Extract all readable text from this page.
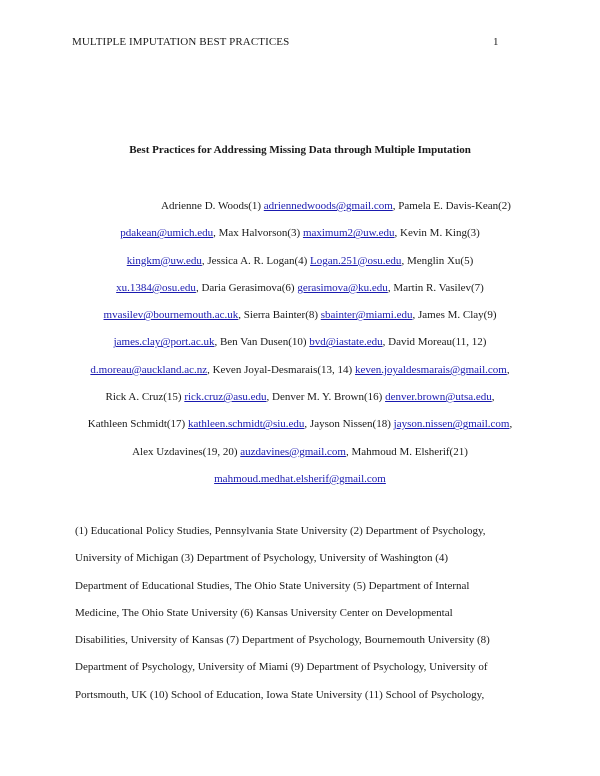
MULTIPLE IMPUTATION BEST PRACTICES	1
Best Practices for Addressing Missing Data through Multiple Imputation
Adrienne D. Woods(1) adriennedwoods@gmail.com, Pamela E. Davis-Kean(2)
pdakean@umich.edu, Max Halvorson(3) maximum2@uw.edu, Kevin M. King(3)
kingkm@uw.edu, Jessica A. R. Logan(4) Logan.251@osu.edu, Menglin Xu(5)
xu.1384@osu.edu, Daria Gerasimova(6) gerasimova@ku.edu, Martin R. Vasilev(7)
mvasilev@bournemouth.ac.uk, Sierra Bainter(8) sbainter@miami.edu, James M. Clay(9)
james.clay@port.ac.uk, Ben Van Dusen(10) bvd@iastate.edu, David Moreau(11, 12)
d.moreau@auckland.ac.nz, Keven Joyal-Desmarais(13, 14) keven.joyaldesmarais@gmail.com,
Rick A. Cruz(15) rick.cruz@asu.edu, Denver M. Y. Brown(16) denver.brown@utsa.edu,
Kathleen Schmidt(17) kathleen.schmidt@siu.edu, Jayson Nissen(18) jayson.nissen@gmail.com,
Alex Uzdavines(19, 20) auzdavines@gmail.com, Mahmoud M. Elsherif(21)
mahmoud.medhat.elsherif@gmail.com
(1) Educational Policy Studies, Pennsylvania State University (2) Department of Psychology,
University of Michigan (3) Department of Psychology, University of Washington (4)
Department of Educational Studies, The Ohio State University (5) Department of Internal
Medicine, The Ohio State University (6) Kansas University Center on Developmental
Disabilities, University of Kansas (7) Department of Psychology, Bournemouth University (8)
Department of Psychology, University of Miami (9) Department of Psychology, University of
Portsmouth, UK (10) School of Education, Iowa State University (11) School of Psychology,
